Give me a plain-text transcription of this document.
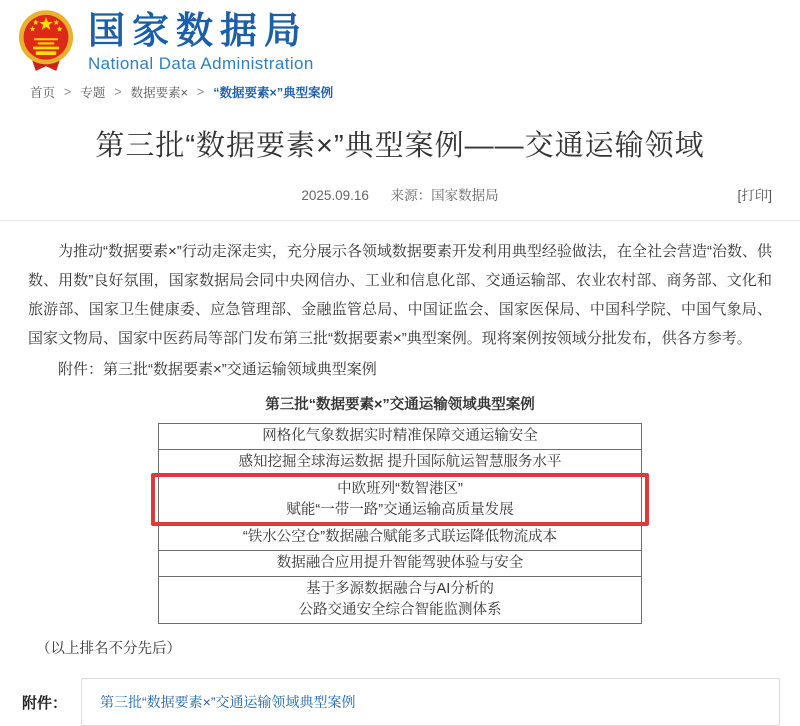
国家数据局
National Data Administration
首页 > 专题 > 数据要素× > “数据要素×”典型案例
第三批“数据要素×”典型案例——交通运输领域
2025.09.16 来源：国家数据局	[打印]

为推动“数据要素×”行动走深走实，充分展示各领域数据要素开发利用典型经验做法，在全社会营造“治数、供数、用数”良好氛围，国家数据局会同中央网信办、工业和信息化部、交通运输部、农业农村部、商务部、文化和旅游部、国家卫生健康委、应急管理部、金融监管总局、中国证监会、国家医保局、中国科学院、中国气象局、国家文物局、国家中医药局等部门发布第三批“数据要素×”典型案例。现将案例按领域分批发布，供各方参考。

附件：第三批“数据要素×”交通运输领域典型案例

第三批“数据要素×”交通运输领域典型案例
网格化气象数据实时精准保障交通运输安全
感知挖掘全球海运数据 提升国际航运智慧服务水平
中欧班列“数智港区”
赋能“一带一路”交通运输高质量发展
“铁水公空仓”数据融合赋能多式联运降低物流成本
数据融合应用提升智能驾驶体验与安全
基于多源数据融合与AI分析的
公路交通安全综合智能监测体系
（以上排名不分先后）
附件：	第三批“数据要素×”交通运输领域典型案例
